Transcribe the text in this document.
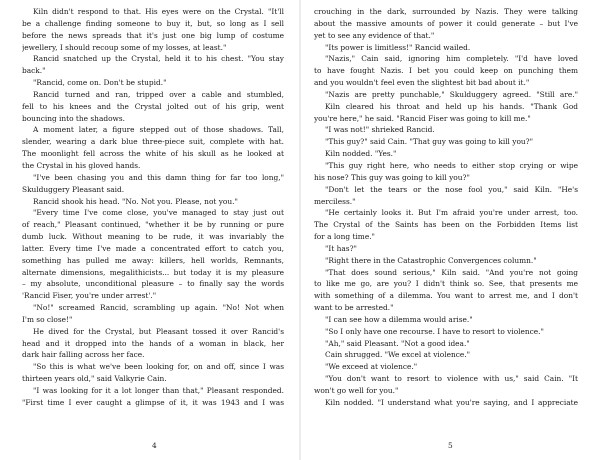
Kiln didn't respond to that. His eyes were on the Crystal. "It'll
be a challenge finding someone to buy it, but, so long as I sell
before the news spreads that it's just one big lump of costume
jewellery, I should recoup some of my losses, at least."
Rancid snatched up the Crystal, held it to his chest. "You stay
back."
"Rancid, come on. Don't be stupid."
Rancid turned and ran, tripped over a cable and stumbled,
fell to his knees and the Crystal jolted out of his grip, went
bouncing into the shadows.
A moment later, a figure stepped out of those shadows. Tall,
slender, wearing a dark blue three-piece suit, complete with hat.
The moonlight fell across the white of his skull as he looked at
the Crystal in his gloved hands.
"I've been chasing you and this damn thing for far too long,"
Skulduggery Pleasant said.
Rancid shook his head. "No. Not you. Please, not you."
"Every time I've come close, you've managed to stay just out
of reach," Pleasant continued, "whether it be by running or pure
dumb luck. Without meaning to be rude, it was invariably the
latter. Every time I've made a concentrated effort to catch you,
something has pulled me away: killers, hell worlds, Remnants,
alternate dimensions, megalithicists... but today it is my pleasure
– my absolute, unconditional pleasure – to finally say the words
'Rancid Fiser, you're under arrest'."
"No!" screamed Rancid, scrambling up again. "No! Not when
I'm so close!"
He dived for the Crystal, but Pleasant tossed it over Rancid's
head and it dropped into the hands of a woman in black, her
dark hair falling across her face.
"So this is what we've been looking for, on and off, since I was
thirteen years old," said Valkyrie Cain.
"I was looking for it a lot longer than that," Pleasant responded.
"First time I ever caught a glimpse of it, it was 1943 and I was
4
crouching in the dark, surrounded by Nazis. They were talking
about the massive amounts of power it could generate – but I've
yet to see any evidence of that."
"Its power is limitless!" Rancid wailed.
"Nazis," Cain said, ignoring him completely. "I'd have loved
to have fought Nazis. I bet you could keep on punching them
and you wouldn't feel even the slightest bit bad about it."
"Nazis are pretty punchable," Skulduggery agreed. "Still are."
Kiln cleared his throat and held up his hands. "Thank God
you're here," he said. "Rancid Fiser was going to kill me."
"I was not!" shrieked Rancid.
"This guy?" said Cain. "That guy was going to kill you?"
Kiln nodded. "Yes."
"This guy right here, who needs to either stop crying or wipe
his nose? This guy was going to kill you?"
"Don't let the tears or the nose fool you," said Kiln. "He's
merciless."
"He certainly looks it. But I'm afraid you're under arrest, too.
The Crystal of the Saints has been on the Forbidden Items list
for a long time."
"It has?"
"Right there in the Catastrophic Convergences column."
"That does sound serious," Kiln said. "And you're not going
to like me go, are you? I didn't think so. See, that presents me
with something of a dilemma. You want to arrest me, and I don't
want to be arrested."
"I can see how a dilemma would arise."
"So I only have one recourse. I have to resort to violence."
"Ah," said Pleasant. "Not a good idea."
Cain shrugged. "We excel at violence."
"We exceed at violence."
"You don't want to resort to violence with us," said Cain. "It
won't go well for you."
Kiln nodded. "I understand what you're saying, and I appreciate
5
